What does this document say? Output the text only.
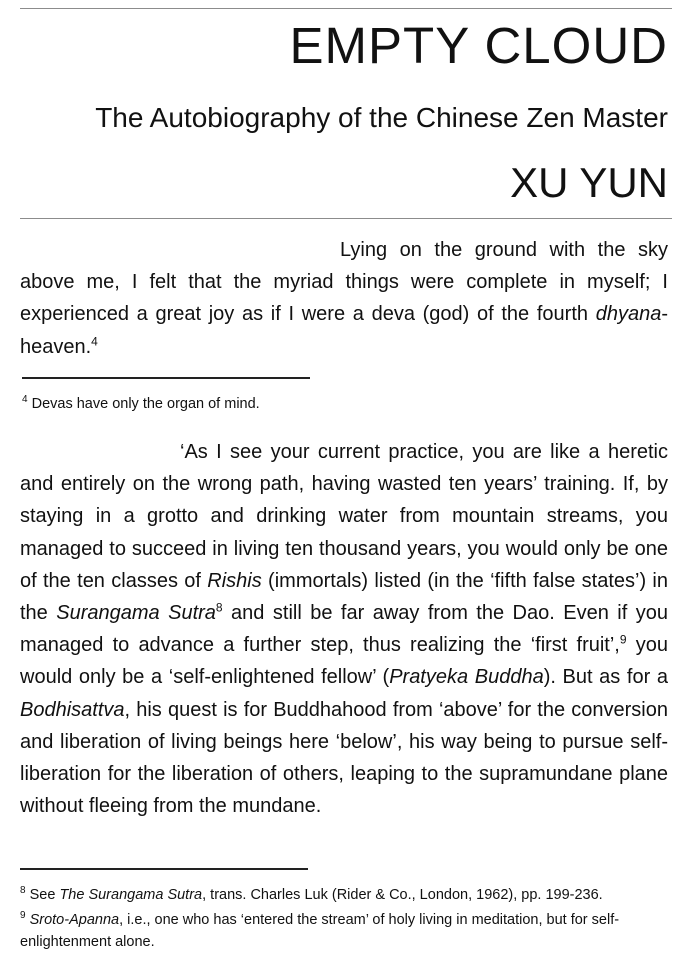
EMPTY CLOUD
The Autobiography of the Chinese Zen Master
XU YUN

Lying on the ground with the sky above me, I felt that the myriad things were complete in myself; I experienced a great joy as if I were a deva (god) of the fourth dhyana-heaven.$^4$

$^4$ Devas have only the organ of mind.

‘As I see your current practice, you are like a heretic and entirely on the wrong path, having wasted ten years’ training. If, by staying in a grotto and drinking water from mountain streams, you managed to succeed in living ten thousand years, you would only be one of the ten classes of Rishis (immortals) listed (in the ‘fifth false states’) in the Surangama Sutra$^8$ and still be far away from the Dao. Even if you managed to advance a further step, thus realizing the ‘first fruit’,$^9$ you would only be a ‘self-enlightened fellow’ (Pratyeka Buddha). But as for a Bodhisattva, his quest is for Buddhahood from ‘above’ for the conversion and liberation of living beings here ‘below’, his way being to pursue self-liberation for the liberation of others, leaping to the supramundane plane without fleeing from the mundane.

$^8$ See The Surangama Sutra, trans. Charles Luk (Rider & Co., London, 1962), pp. 199-236.

$^9$ Sroto-Apanna, i.e., one who has ‘entered the stream’ of holy living in meditation, but for self-enlightenment alone.
